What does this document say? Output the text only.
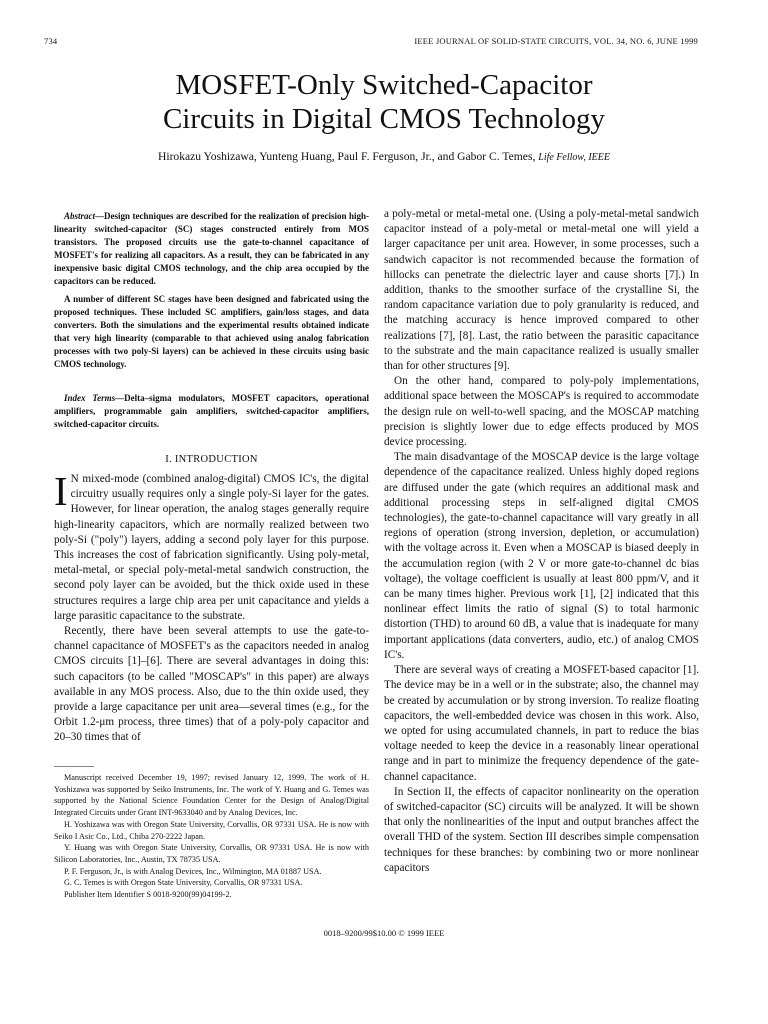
734	IEEE JOURNAL OF SOLID-STATE CIRCUITS, VOL. 34, NO. 6, JUNE 1999
MOSFET-Only Switched-Capacitor
Circuits in Digital CMOS Technology
Hirokazu Yoshizawa, Yunteng Huang, Paul F. Ferguson, Jr., and Gabor C. Temes, Life Fellow, IEEE

Abstract—Design techniques are described for the realization of precision high-linearity switched-capacitor (SC) stages constructed entirely from MOS transistors. The proposed circuits use the gate-to-channel capacitance of MOSFET's for realizing all capacitors. As a result, they can be fabricated in any inexpensive basic digital CMOS technology, and the chip area occupied by the capacitors can be reduced.

A number of different SC stages have been designed and fabricated using the proposed techniques. These included SC amplifiers, gain/loss stages, and data converters. Both the simulations and the experimental results obtained indicate that very high linearity (comparable to that achieved using analog fabrication processes with two poly-Si layers) can be achieved in these circuits using basic CMOS technology.

Index Terms—Delta–sigma modulators, MOSFET capacitors, operational amplifiers, programmable gain amplifiers, switched-capacitor amplifiers, switched-capacitor circuits.

I. INTRODUCTION

I N mixed-mode (combined analog-digital) CMOS IC's, the digital circuitry usually requires only a single poly-Si layer for the gates. However, for linear operation, the analog stages generally require high-linearity capacitors, which are normally realized between two poly-Si ("poly") layers, adding a second poly layer for this purpose. This increases the cost of fabrication significantly. Using poly-metal, metal-metal, or special poly-metal-metal sandwich construction, the second poly layer can be avoided, but the thick oxide used in these structures requires a large chip area per unit capacitance and yields a large parasitic capacitance to the substrate.

Recently, there have been several attempts to use the gate-to-channel capacitance of MOSFET's as the capacitors needed in analog CMOS circuits [1]–[6]. There are several advantages in doing this: such capacitors (to be called "MOSCAP's" in this paper) are always available in any MOS process. Also, due to the thin oxide used, they provide a large capacitance per unit area—several times (e.g., for the Orbit 1.2-μm process, three times) that of a poly-poly capacitor and 20–30 times that of

Manuscript received December 19, 1997; revised January 12, 1999. The work of H. Yoshizawa was supported by Seiko Instruments, Inc. The work of Y. Huang and G. Temes was supported by the National Science Foundation Center for the Design of Analog/Digital Integrated Circuits under Grant INT-9633040 and by Analog Devices, Inc.

H. Yoshizawa was with Oregon State University, Corvallis, OR 97331 USA. He is now with Seiko I Asic Co., Ltd., Chiba 270-2222 Japan.

Y. Huang was with Oregon State University, Corvallis, OR 97331 USA. He is now with Silicon Laboratories, Inc., Austin, TX 78735 USA.

P. F. Ferguson, Jr., is with Analog Devices, Inc., Wilmington, MA 01887 USA.

G. C. Temes is with Oregon State University, Corvallis, OR 97331 USA.

Publisher Item Identifier S 0018-9200(99)04199-2.

a poly-metal or metal-metal one. (Using a poly-metal-metal sandwich capacitor instead of a poly-metal or metal-metal one will yield a larger capacitance per unit area. However, in some processes, such a sandwich capacitor is not recommended because the formation of hillocks can penetrate the dielectric layer and cause shorts [7].) In addition, thanks to the smoother surface of the crystalline Si, the random capacitance variation due to poly granularity is reduced, and the matching accuracy is hence improved compared to other realizations [7], [8]. Last, the ratio between the parasitic capacitance to the substrate and the main capacitance realized is usually smaller than for other structures [9].

On the other hand, compared to poly-poly implementations, additional space between the MOSCAP's is required to accommodate the design rule on well-to-well spacing, and the MOSCAP matching precision is slightly lower due to edge effects produced by MOS device processing.

The main disadvantage of the MOSCAP device is the large voltage dependence of the capacitance realized. Unless highly doped regions are diffused under the gate (which requires an additional mask and additional processing steps in self-aligned digital CMOS technologies), the gate-to-channel capacitance will vary greatly in all regions of operation (strong inversion, depletion, or accumulation) with the voltage across it. Even when a MOSCAP is biased deeply in the accumulation region (with 2 V or more gate-to-channel dc bias voltage), the voltage coefficient is usually at least 800 ppm/V, and it can be many times higher. Previous work [1], [2] indicated that this nonlinear effect limits the ratio of signal (S) to total harmonic distortion (THD) to around 60 dB, a value that is inadequate for many important applications (data converters, audio, etc.) of analog CMOS IC's.

There are several ways of creating a MOSFET-based capacitor [1]. The device may be in a well or in the substrate; also, the channel may be created by accumulation or by strong inversion. To realize floating capacitors, the well-embedded device was chosen in this work. Also, we opted for using accumulated channels, in part to reduce the bias voltage needed to keep the device in a reasonably linear operational range and in part to minimize the frequency dependence of the gate-channel capacitance.

In Section II, the effects of capacitor nonlinearity on the operation of switched-capacitor (SC) circuits will be analyzed. It will be shown that only the nonlinearities of the input and output branches affect the overall THD of the system. Section III describes simple compensation techniques for these branches: by combining two or more nonlinear capacitors

0018–9200/99$10.00 © 1999 IEEE
